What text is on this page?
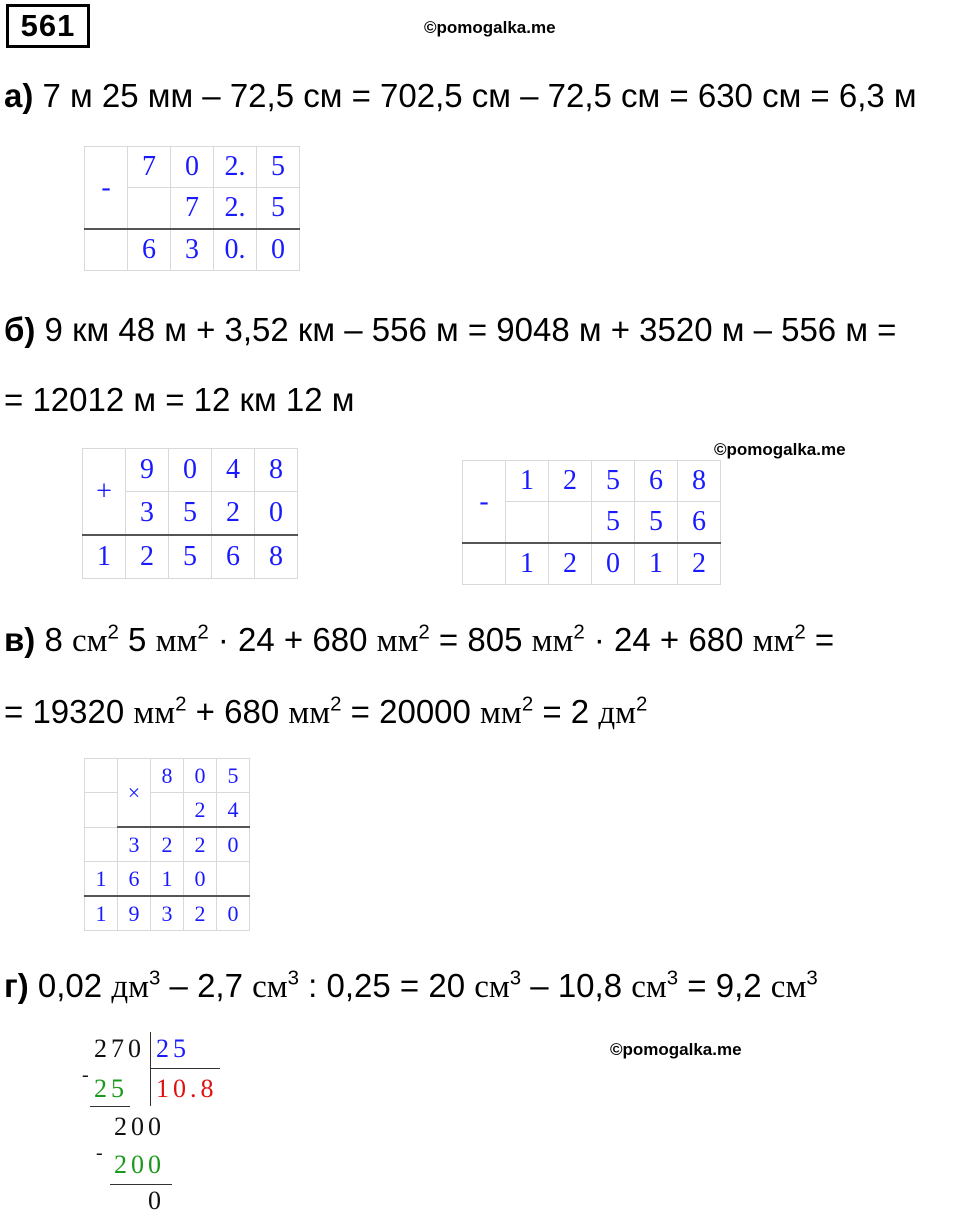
561	©pomogalka.me
а) 7 м 25 мм – 72,5 см = 702,5 см – 72,5 см = 630 см = 6,3 м
-	7	0	2.	5
		7	2.	5
	6	3	0.	0
б) 9 км 48 м + 3,52 км – 556 м = 9048 м + 3520 м – 556 м =
= 12012 м = 12 км 12 м
+	9	0	4	8
	3	5	2	0
1	2	5	6	8
©pomogalka.me
-	1	2	5	6	8
			5	5	6
	1	2	0	1	2
в) 8 $см^2$ 5 $мм^2 \cdot 24 + 680$ $мм^2 = 805$ $мм^2 \cdot 24 + 680$ $мм^2$ =
= 19320 $мм^2 + 680$ $мм^2 = 20000$ $мм^2 = 2$ $дм^2$
	×	8	0	5
			2	4
	3	2	2	0
1	6	1	0	
1	9	3	2	0
г) 0,02 $дм^3 - 2,7$ $см^3$ : 0,25 = 20 $см^3 - 10,8$ $см^3 = 9,2$ $см^3$
©pomogalka.me
270 25
- 25 10.8
200
- 200
0
